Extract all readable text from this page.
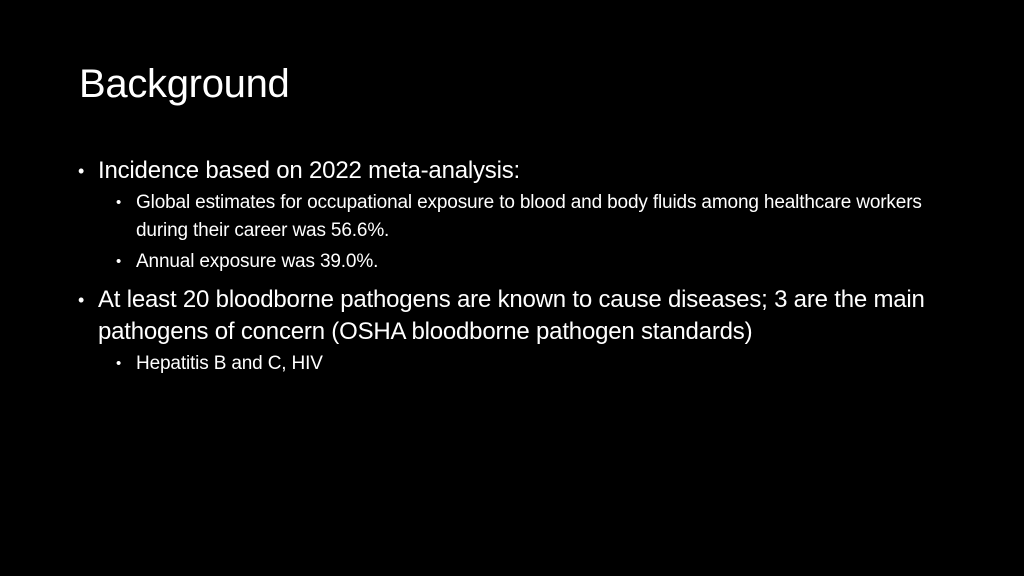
Background
• Incidence based on 2022 meta-analysis:
• Global estimates for occupational exposure to blood and body fluids among healthcare workers during their career was 56.6%.
• Annual exposure was 39.0%.
• At least 20 bloodborne pathogens are known to cause diseases; 3 are the main pathogens of concern (OSHA bloodborne pathogen standards)
• Hepatitis B and C, HIV
